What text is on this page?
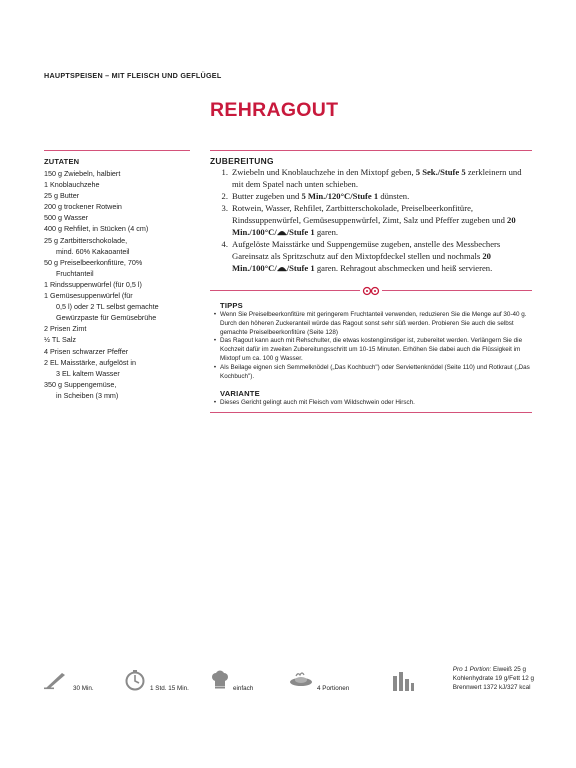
HAUPTSPEISEN – MIT FLEISCH UND GEFLÜGEL
REHRAGOUT
ZUTATEN
150 g Zwiebeln, halbiert
1 Knoblauchzehe
25 g Butter
200 g trockener Rotwein
500 g Wasser
400 g Rehfilet, in Stücken (4 cm)
25 g Zartbitterschokolade,
mind. 60% Kakaoanteil
50 g Preiselbeerkonfitüre, 70%
Fruchtanteil
1 Rindssuppenwürfel (für 0,5 l)
1 Gemüsesuppenwürfel (für
0,5 l) oder 2 TL selbst gemachte
Gewürzpaste für Gemüsebrühe
2 Prisen Zimt
½ TL Salz
4 Prisen schwarzer Pfeffer
2 EL Maisstärke, aufgelöst in
3 EL kaltem Wasser
350 g Suppengemüse,
in Scheiben (3 mm)
ZUBEREITUNG
1. Zwiebeln und Knoblauchzehe in den Mixtopf geben, 5 Sek./Stufe 5 zerkleinern und mit dem Spatel nach unten schieben.
2. Butter zugeben und 5 Min./120°C/Stufe 1 dünsten.
3. Rotwein, Wasser, Rehfilet, Zartbitterschokolade, Preiselbeerkonfitüre, Rindssuppenwürfel, Gemüsesuppenwürfel, Zimt, Salz und Pfeffer zugeben und 20 Min./100°C/ /Stufe 1 garen.
4. Aufgelöste Maisstärke und Suppengemüse zugeben, anstelle des Messbechers Gareinsatz als Spritzschutz auf den Mixtopfdeckel stellen und nochmals 20 Min./100°C/ /Stufe 1 garen. Rehragout abschmecken und heiß servieren.
TIPPS
• Wenn Sie Preiselbeerkonfitüre mit geringerem Fruchtanteil verwenden, reduzieren Sie die Menge auf 30-40 g. Durch den höheren Zuckeranteil würde das Ragout sonst sehr süß werden. Probieren Sie auch die selbst gemachte Preiselbeerkonfitüre (Seite 128)
• Das Ragout kann auch mit Rehschulter, die etwas kostengünstiger ist, zubereitet werden. Verlängern Sie die Kochzeit dafür im zweiten Zubereitungsschritt um 10-15 Minuten. Erhöhen Sie dabei auch die Flüssigkeit im Mixtopf um ca. 100 g Wasser.
• Als Beilage eignen sich Semmelknödel („Das Kochbuch") oder Serviettenknödel (Seite 110) und Rotkraut („Das Kochbuch").
VARIANTE
• Dieses Gericht gelingt auch mit Fleisch vom Wildschwein oder Hirsch.
30 Min.	1 Std. 15 Min.	einfach	4 Portionen
Pro 1 Portion: Eiweiß 25 g
Kohlenhydrate 19 g/Fett 12 g
Brennwert 1372 kJ/327 kcal
